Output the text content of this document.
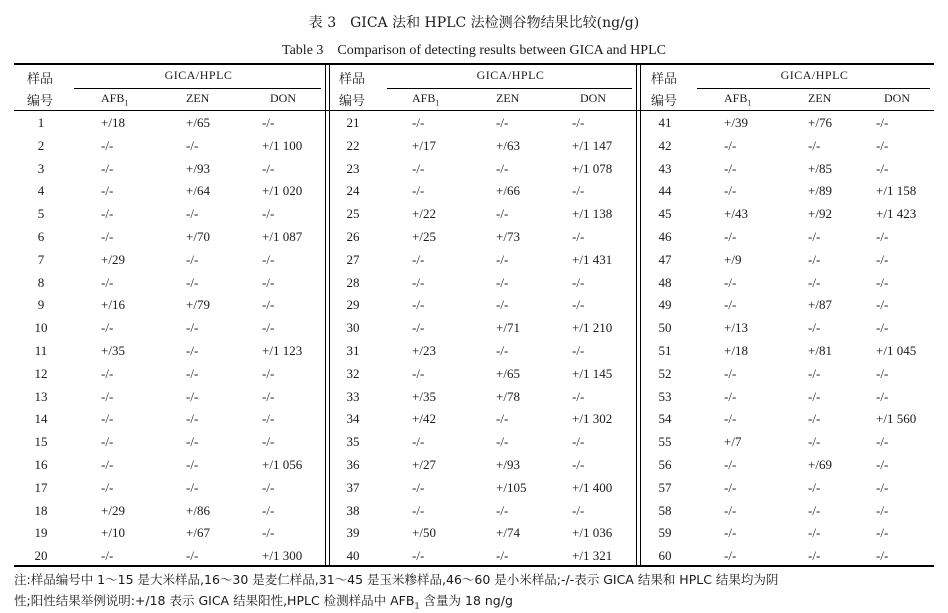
表 3　GICA 法和 HPLC 法检测谷物结果比较(ng/g)
Table 3　Comparison of detecting results between GICA and HPLC
样品
编号
GICA/HPLC
$AFB_1$	ZEN	DON
样品
编号
GICA/HPLC
$AFB_1$	ZEN	DON
样品
编号
GICA/HPLC
$AFB_1$	ZEN	DON
1	+/18	+/65	-/-	21	-/-	-/-	-/-	41	+/39	+/76	-/-
2	-/-	-/-	+/1 100	22	+/17	+/63	+/1 147	42	-/-	-/-	-/-
3	-/-	+/93	-/-	23	-/-	-/-	+/1 078	43	-/-	+/85	-/-
4	-/-	+/64	+/1 020	24	-/-	+/66	-/-	44	-/-	+/89	+/1 158
5	-/-	-/-	-/-	25	+/22	-/-	+/1 138	45	+/43	+/92	+/1 423
6	-/-	+/70	+/1 087	26	+/25	+/73	-/-	46	-/-	-/-	-/-
7	+/29	-/-	-/-	27	-/-	-/-	+/1 431	47	+/9	-/-	-/-
8	-/-	-/-	-/-	28	-/-	-/-	-/-	48	-/-	-/-	-/-
9	+/16	+/79	-/-	29	-/-	-/-	-/-	49	-/-	+/87	-/-
10	-/-	-/-	-/-	30	-/-	+/71	+/1 210	50	+/13	-/-	-/-
11	+/35	-/-	+/1 123	31	+/23	-/-	-/-	51	+/18	+/81	+/1 045
12	-/-	-/-	-/-	32	-/-	+/65	+/1 145	52	-/-	-/-	-/-
13	-/-	-/-	-/-	33	+/35	+/78	-/-	53	-/-	-/-	-/-
14	-/-	-/-	-/-	34	+/42	-/-	+/1 302	54	-/-	-/-	+/1 560
15	-/-	-/-	-/-	35	-/-	-/-	-/-	55	+/7	-/-	-/-
16	-/-	-/-	+/1 056	36	+/27	+/93	-/-	56	-/-	+/69	-/-
17	-/-	-/-	-/-	37	-/-	+/105	+/1 400	57	-/-	-/-	-/-
18	+/29	+/86	-/-	38	-/-	-/-	-/-	58	-/-	-/-	-/-
19	+/10	+/67	-/-	39	+/50	+/74	+/1 036	59	-/-	-/-	-/-
20	-/-	-/-	+/1 300	40	-/-	-/-	+/1 321	60	-/-	-/-	-/-
注:样品编号中 1～15 是大米样品,16～30 是麦仁样品,31～45 是玉米糁样品,46～60 是小米样品;-/-表示 GICA 结果和 HPLC 结果均为阴
性;阳性结果举例说明:+/18 表示 GICA 结果阳性,HPLC 检测样品中 $AFB_1$ 含量为 18 ng/g
